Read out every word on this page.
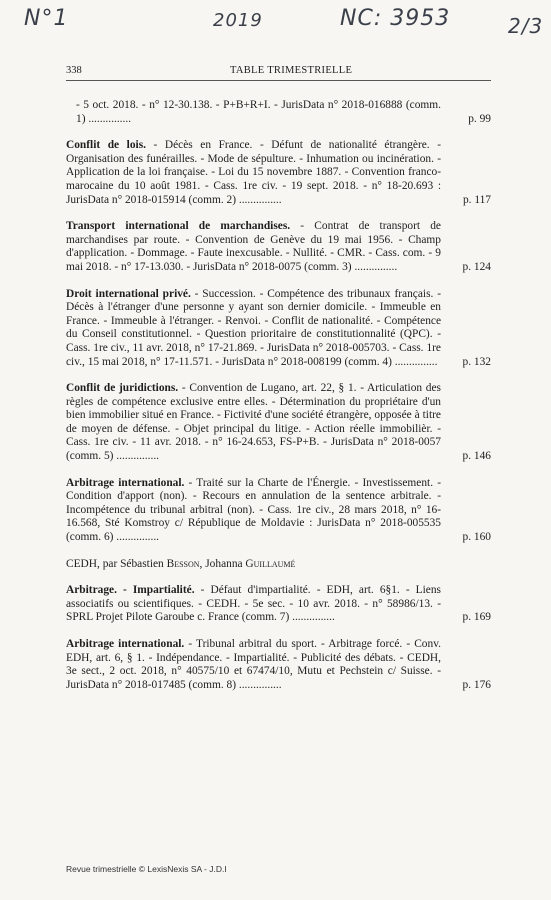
N°1	2019	NC: 3953	2/3
338	TABLE TRIMESTRIELLE

- 5 oct. 2018. - n° 12-30.138. - P+B+R+I. - JurisData n° 2018-016888 (comm. 1) ...............	p. 99

Conflit de lois. - Décès en France. - Défunt de nationalité étrangère. - Organisation des funérailles. - Mode de sépulture. - Inhumation ou incinération. - Application de la loi française. - Loi du 15 novembre 1887. - Convention franco-marocaine du 10 août 1981. - Cass. 1re civ. - 19 sept. 2018. - n° 18-20.693 : JurisData n° 2018-015914 (comm. 2) ...............	p. 117

Transport international de marchandises. - Contrat de transport de marchandises par route. - Convention de Genève du 19 mai 1956. - Champ d'application. - Dommage. - Faute inexcusable. - Nullité. - CMR. - Cass. com. - 9 mai 2018. - n° 17-13.030. - JurisData n° 2018-0075 (comm. 3) ...............	p. 124

Droit international privé. - Succession. - Compétence des tribunaux français. - Décès à l'étranger d'une personne y ayant son dernier domicile. - Immeuble en France. - Immeuble à l'étranger. - Renvoi. - Conflit de nationalité. - Compétence du Conseil constitutionnel. - Question prioritaire de constitutionnalité (QPC). - Cass. 1re civ., 11 avr. 2018, n° 17-21.869. - JurisData n° 2018-005703. - Cass. 1re civ., 15 mai 2018, n° 17-11.571. - JurisData n° 2018-008199 (comm. 4) ...............	p. 132

Conflit de juridictions. - Convention de Lugano, art. 22, § 1. - Articulation des règles de compétence exclusive entre elles. - Détermination du propriétaire d'un bien immobilier situé en France. - Fictivité d'une société étrangère, opposée à titre de moyen de défense. - Objet principal du litige. - Action réelle immobilièr. - Cass. 1re civ. - 11 avr. 2018. - n° 16-24.653, FS-P+B. - JurisData n° 2018-0057 (comm. 5) ...............	p. 146

Arbitrage international. - Traité sur la Charte de l'Énergie. - Investissement. - Condition d'apport (non). - Recours en annulation de la sentence arbitrale. - Incompétence du tribunal arbitral (non). - Cass. 1re civ., 28 mars 2018, n° 16-16.568, Sté Komstroy c/ République de Moldavie : JurisData n° 2018-005535 (comm. 6) ...............	p. 160
CEDH, par Sébastien Besson, Johanna Guillaumé

Arbitrage. - Impartialité. - Défaut d'impartialité. - EDH, art. 6§1. - Liens associatifs ou scientifiques. - CEDH. - 5e sec. - 10 avr. 2018. - n° 58986/13. - SPRL Projet Pilote Garoube c. France (comm. 7) ...............	p. 169

Arbitrage international. - Tribunal arbitral du sport. - Arbitrage forcé. - Conv. EDH, art. 6, § 1. - Indépendance. - Impartialité. - Publicité des débats. - CEDH, 3e sect., 2 oct. 2018, n° 40575/10 et 67474/10, Mutu et Pechstein c/ Suisse. - JurisData n° 2018-017485 (comm. 8) ...............	p. 176
Revue trimestrielle © LexisNexis SA - J.D.I
